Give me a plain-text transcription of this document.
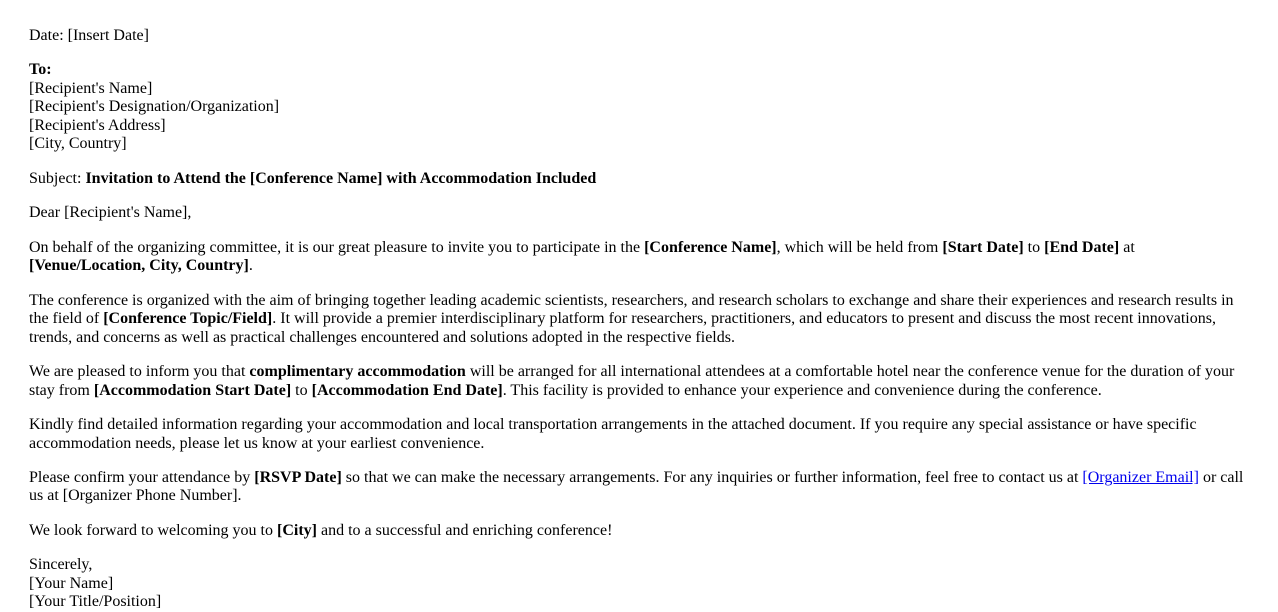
Date: [Insert Date]

To:
[Recipient's Name]
[Recipient's Designation/Organization]
[Recipient's Address]
[City, Country]

Subject: Invitation to Attend the [Conference Name] with Accommodation Included

Dear [Recipient's Name],

On behalf of the organizing committee, it is our great pleasure to invite you to participate in the [Conference Name], which will be held from [Start Date] to [End Date] at [Venue/Location, City, Country].

The conference is organized with the aim of bringing together leading academic scientists, researchers, and research scholars to exchange and share their experiences and research results in the field of [Conference Topic/Field]. It will provide a premier interdisciplinary platform for researchers, practitioners, and educators to present and discuss the most recent innovations, trends, and concerns as well as practical challenges encountered and solutions adopted in the respective fields.

We are pleased to inform you that complimentary accommodation will be arranged for all international attendees at a comfortable hotel near the conference venue for the duration of your stay from [Accommodation Start Date] to [Accommodation End Date]. This facility is provided to enhance your experience and convenience during the conference.

Kindly find detailed information regarding your accommodation and local transportation arrangements in the attached document. If you require any special assistance or have specific accommodation needs, please let us know at your earliest convenience.

Please confirm your attendance by [RSVP Date] so that we can make the necessary arrangements. For any inquiries or further information, feel free to contact us at [Organizer Email] or call us at [Organizer Phone Number].

We look forward to welcoming you to [City] and to a successful and enriching conference!

Sincerely,
[Your Name]
[Your Title/Position]
